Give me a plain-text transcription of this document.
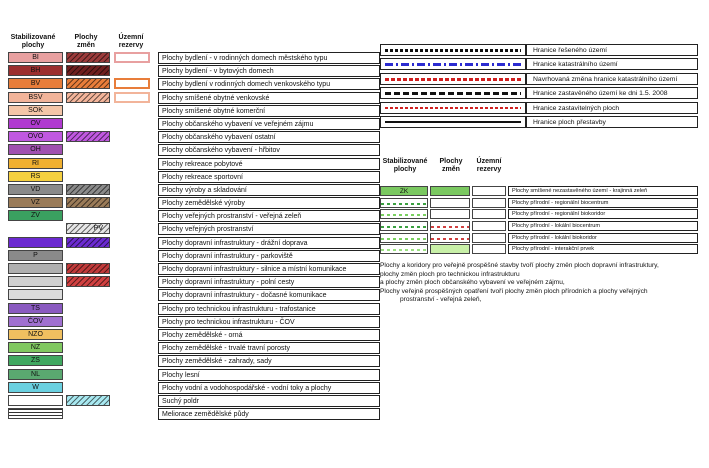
Stabilizované plochy
Plochy změn
Územní rezervy
BI	Plochy bydlení - v rodinných domech městského typu
BH	Plochy bydlení - v bytových domech
BV	Plochy bydlení v rodinných domech venkovského typu
BSV	Plochy smíšené obytné venkovské
SOK	Plochy smíšené obytné komerční
OV	Plochy občanského vybavení ve veřejném zájmu
OVO	Plochy občanského vybavení ostatní
OH	Plochy občanského vybavení - hřbitov
RI	Plochy rekreace pobytové
RS	Plochy rekreace sportovní
VD	Plochy výroby a skladování
VZ	Plochy zemědělské výroby
ZV	Plochy veřejných prostranství - veřejná zeleň
PV	Plochy veřejných prostranství
Plochy dopravní infrastruktury - drážní doprava
P	Plochy dopravní infrastruktury - parkoviště
Plochy dopravní infrastruktury - silnice a místní komunikace
Plochy dopravní infrastruktury - polní cesty
Plochy dopravní infrastruktury - dočasné komunikace
TS	Plochy pro technickou infrastrukturu - trafostanice
ČOV	Plochy pro technickou infrastrukturu - ČOV
NZO	Plochy zemědělské - orná
NZ	Plochy zemědělské - trvalé travní porosty
ZS	Plochy zemědělské - zahrady, sady
NL	Plochy lesní
W	Plochy vodní a vodohospodářské - vodní toky a plochy
Suchý poldr
Meliorace zemědělské půdy
Hranice řešeného území
Hranice katastrálního území
Navrhovaná změna hranice katastrálního území
Hranice zastavěného území ke dni 1.5. 2008
Hranice zastavitelných ploch
Hranice ploch přestavby
Stabilizované plochy
Plochy změn
Územní rezervy
ZK	Plochy smíšené nezastavěného území - krajinná zeleň
Plochy přírodní - regionální biocentrum
Plochy přírodní - regionální biokoridor
Plochy přírodní - lokální biocentrum
Plochy přírodní - lokální biokoridor
Plochy přírodní - interakční prvek
Plochy a koridory pro veřejně prospěšné stavby tvoří plochy změn ploch dopravní infrastruktury,
plochy změn ploch pro technickou infrastrukturu
a plochy změn ploch občanského vybavení ve veřejném zájmu,
Plochy veřejně prospěšných opatření tvoří plochy změn ploch přírodních a plochy veřejných
prostranství - veřejná zeleň,
